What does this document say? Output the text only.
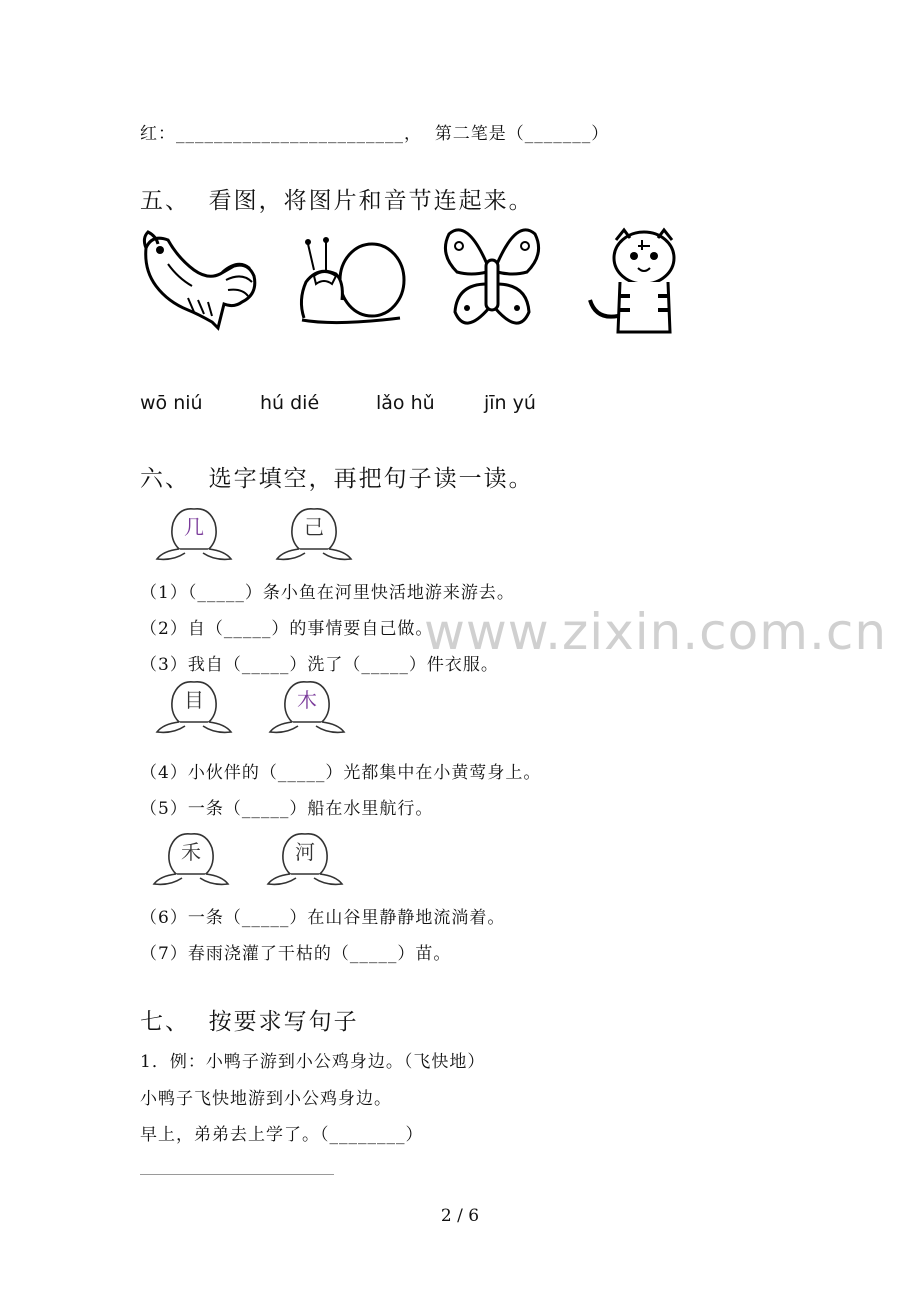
红：________________________， 第二笔是（_______）
五、 看图，将图片和音节连起来。
wō niú	hú dié	lǎo hǔ	jīn yú
六、 选字填空，再把句子读一读。
几	己
（1）（_____）条小鱼在河里快活地游来游去。
（2）自（_____）的事情要自己做。
（3）我自（_____）洗了（_____）件衣服。
目	木
（4）小伙伴的（_____）光都集中在小黄莺身上。
（5）一条（_____）船在水里航行。
禾	河
（6）一条（_____）在山谷里静静地流淌着。
（7）春雨浇灌了干枯的（_____）苗。
七、 按要求写句子
1．例：小鸭子游到小公鸡身边。（飞快地）
小鸭子飞快地游到小公鸡身边。
早上，弟弟去上学了。（________）
www.zixin.com.cn
2 / 6
